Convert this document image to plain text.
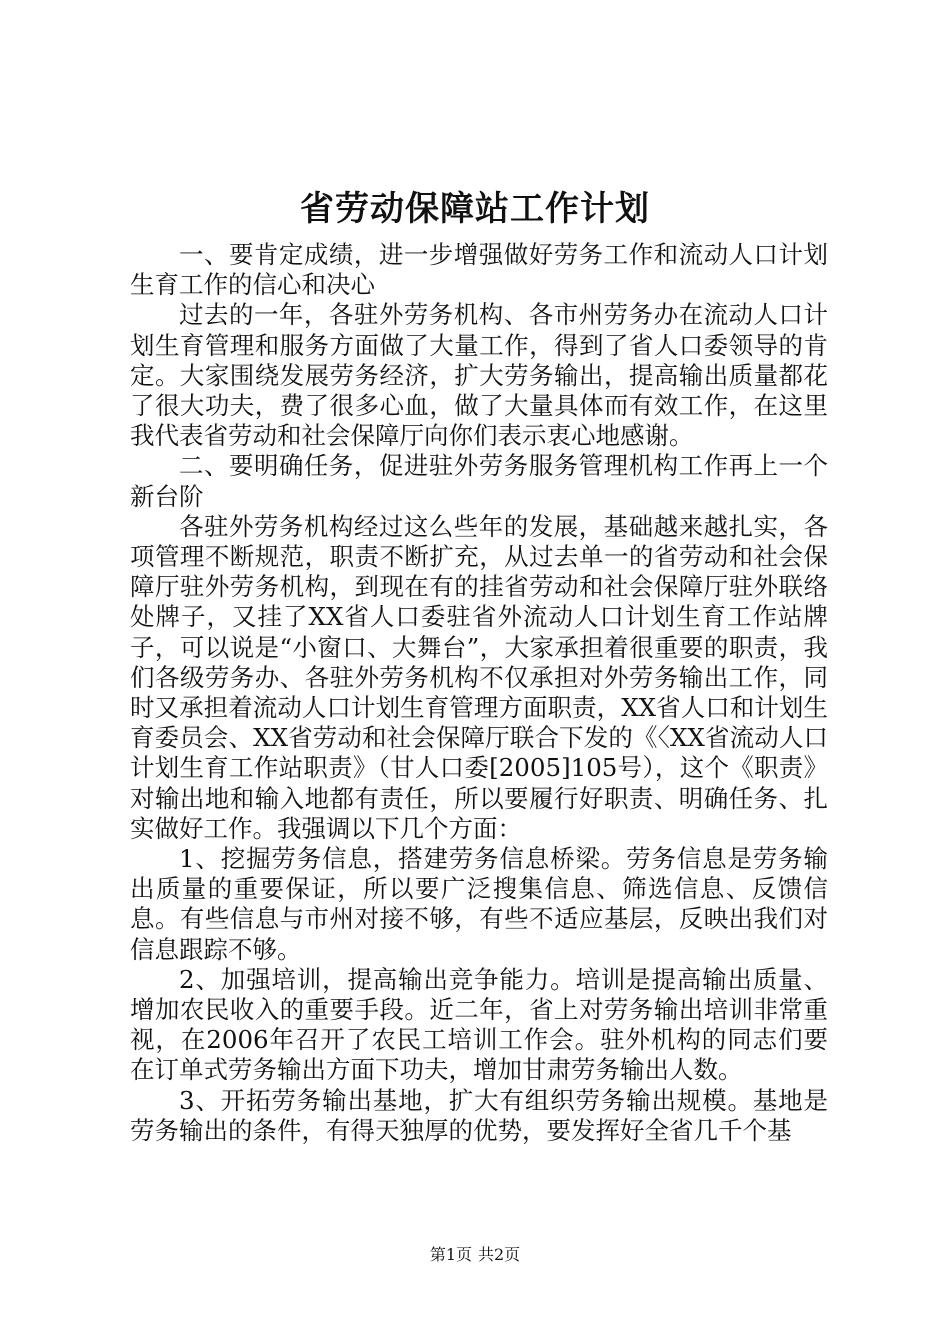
省劳动保障站工作计划

一、要肯定成绩，进一步增强做好劳务工作和流动人口计划生育工作的信心和决心

过去的一年，各驻外劳务机构、各市州劳务办在流动人口计划生育管理和服务方面做了大量工作，得到了省人口委领导的肯定。大家围绕发展劳务经济，扩大劳务输出，提高输出质量都花了很大功夫，费了很多心血，做了大量具体而有效工作，在这里我代表省劳动和社会保障厅向你们表示衷心地感谢。

二、要明确任务，促进驻外劳务服务管理机构工作再上一个新台阶

各驻外劳务机构经过这么些年的发展，基础越来越扎实，各项管理不断规范，职责不断扩充，从过去单一的省劳动和社会保障厅驻外劳务机构，到现在有的挂省劳动和社会保障厅驻外联络处牌子，又挂了XX省人口委驻省外流动人口计划生育工作站牌子，可以说是“小窗口、大舞台”，大家承担着很重要的职责，我们各级劳务办、各驻外劳务机构不仅承担对外劳务输出工作，同时又承担着流动人口计划生育管理方面职责，XX省人口和计划生育委员会、XX省劳动和社会保障厅联合下发的《〈XX省流动人口计划生育工作站职责》（甘人口委[2005]105号），这个《职责》对输出地和输入地都有责任，所以要履行好职责、明确任务、扎实做好工作。我强调以下几个方面：

1、挖掘劳务信息，搭建劳务信息桥梁。劳务信息是劳务输出质量的重要保证，所以要广泛搜集信息、筛选信息、反馈信息。有些信息与市州对接不够，有些不适应基层，反映出我们对信息跟踪不够。

2、加强培训，提高输出竞争能力。培训是提高输出质量、增加农民收入的重要手段。近二年，省上对劳务输出培训非常重视，在2006年召开了农民工培训工作会。驻外机构的同志们要在订单式劳务输出方面下功夫，增加甘肃劳务输出人数。

3、开拓劳务输出基地，扩大有组织劳务输出规模。基地是劳务输出的条件，有得天独厚的优势，要发挥好全省几千个基

第1页 共2页
